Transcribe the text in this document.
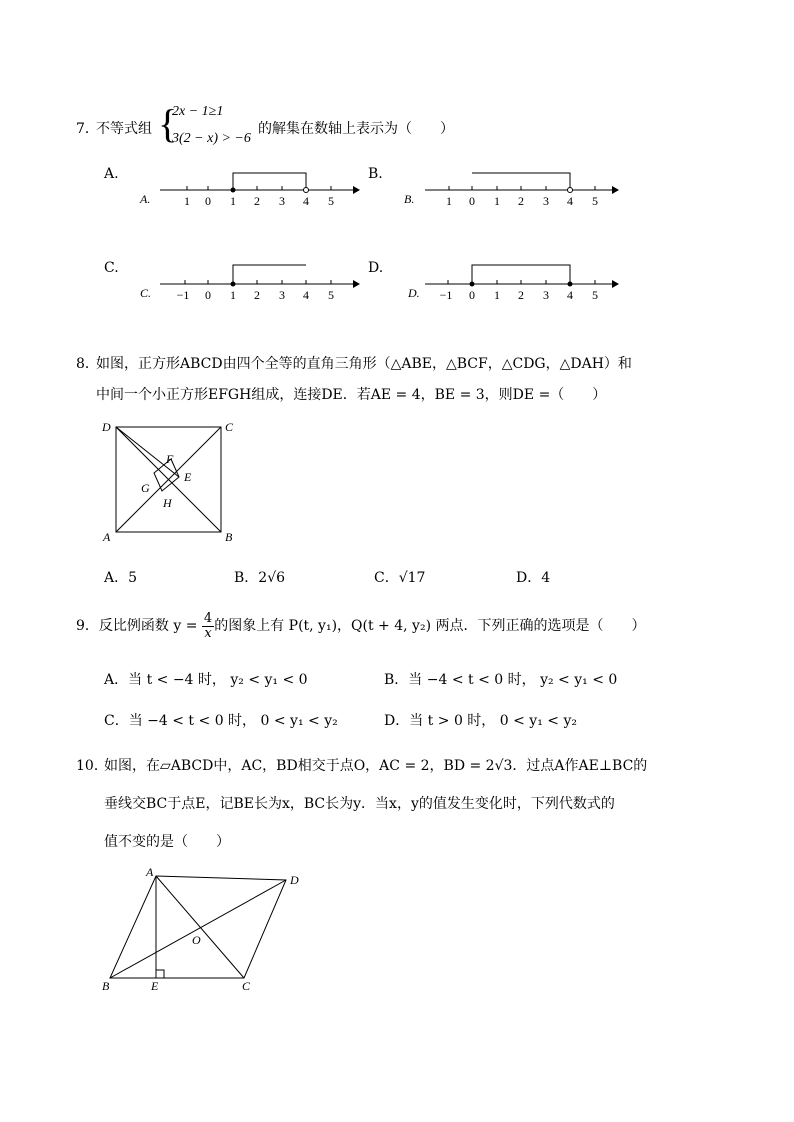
7．
不等式组 {
2x − 1≥1
3(2 − x) > −6
的解集在数轴上表示为（　　）
A.	B.
C.	D.
A.	1 0 1 2 3 4 5	B.	1 0 1 2 3 4 5
C. −1 0 1 2 3 4 5	D. −1 0 1 2 3 4 5
8．
如图，正方形ABCD由四个全等的直角三角形（△ABE，△BCF，△CDG，△DAH）和
中间一个小正方形EFGH组成，连接DE．若AE = 4，BE = 3，则DE =（　　）
D	C
A	B
F
E
G
H
A．5	B．2√6	C．√17	D．4
9．反比例函数 $y = \frac{4}{x}$ 的图象上有 P(t, y₁)，Q(t + 4, y₂) 两点．下列正确的选项是（　　）
A．当 t < −4 时， y₂ < y₁ < 0	B．当 −4 < t < 0 时， y₂ < y₁ < 0
C．当 −4 < t < 0 时， 0 < y₁ < y₂	D．当 t > 0 时， 0 < y₁ < y₂
10．
如图，在▱ABCD中，AC，BD相交于点O，AC = 2，BD = 2√3．过点A作AE⊥BC的
垂线交BC于点E，记BE长为x，BC长为y．当x，y的值发生变化时，下列代数式的
值不变的是（　　）
A
D
O
B	E	C
